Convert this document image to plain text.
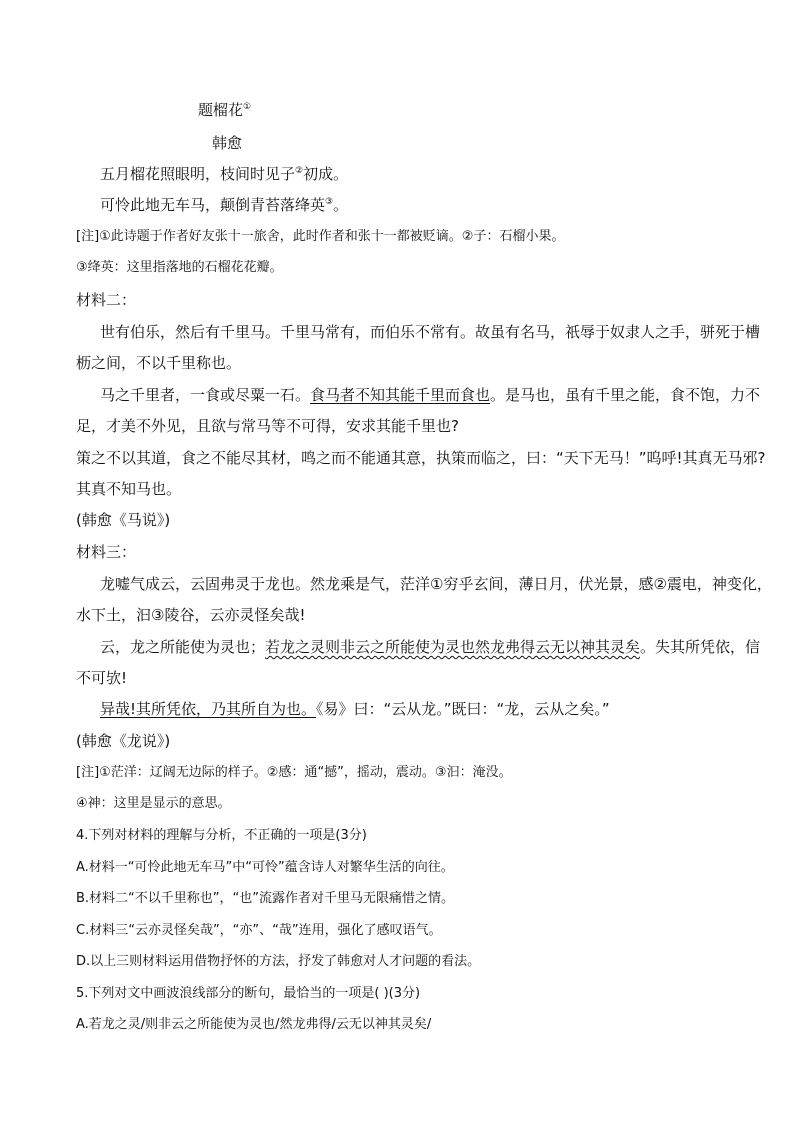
题榴花①
韩愈
五月榴花照眼明，枝间时见子②初成。
可怜此地无车马，颠倒青苔落绛英③。
[注]①此诗题于作者好友张十一旅舍，此时作者和张十一都被贬谪。②子：石榴小果。
③绛英：这里指落地的石榴花花瓣。
材料二：
世有伯乐，然后有千里马。千里马常有，而伯乐不常有。故虽有名马，祇辱于奴隶人之手，骈死于槽
枥之间，不以千里称也。
马之千里者，一食或尽粟一石。食马者不知其能千里而食也。是马也，虽有千里之能，食不饱，力不
足，才美不外见，且欲与常马等不可得，安求其能千里也?
策之不以其道，食之不能尽其材，鸣之而不能通其意，执策而临之，曰：“天下无马！”呜呼!其真无马邪?
其真不知马也。
(韩愈《马说》)
材料三：
龙嘘气成云，云固弗灵于龙也。然龙乘是气，茫洋①穷乎玄间，薄日月，伏光景，感②震电，神变化，
水下土，汩③陵谷，云亦灵怪矣哉!
云，龙之所能使为灵也；若龙之灵则非云之所能使为灵也然龙弗得云无以神其灵矣。失其所凭依，信
不可欤!
异哉!其所凭依，乃其所自为也。《易》曰：“云从龙。”既曰：“龙，云从之矣。”
(韩愈《龙说》)
[注]①茫洋：辽阔无边际的样子。②感：通“撼”，摇动，震动。③汩：淹没。
④神：这里是显示的意思。
4.下列对材料的理解与分析，不正确的一项是(3分)
A.材料一“可怜此地无车马”中“可怜”蕴含诗人对繁华生活的向往。
B.材料二“不以千里称也”，“也”流露作者对千里马无限痛惜之情。
C.材料三“云亦灵怪矣哉”，“亦”、“哉”连用，强化了感叹语气。
D.以上三则材料运用借物抒怀的方法，抒发了韩愈对人才问题的看法。
5.下列对文中画波浪线部分的断句，最恰当的一项是( )(3分)
A.若龙之灵/则非云之所能使为灵也/然龙弗得/云无以神其灵矣/
